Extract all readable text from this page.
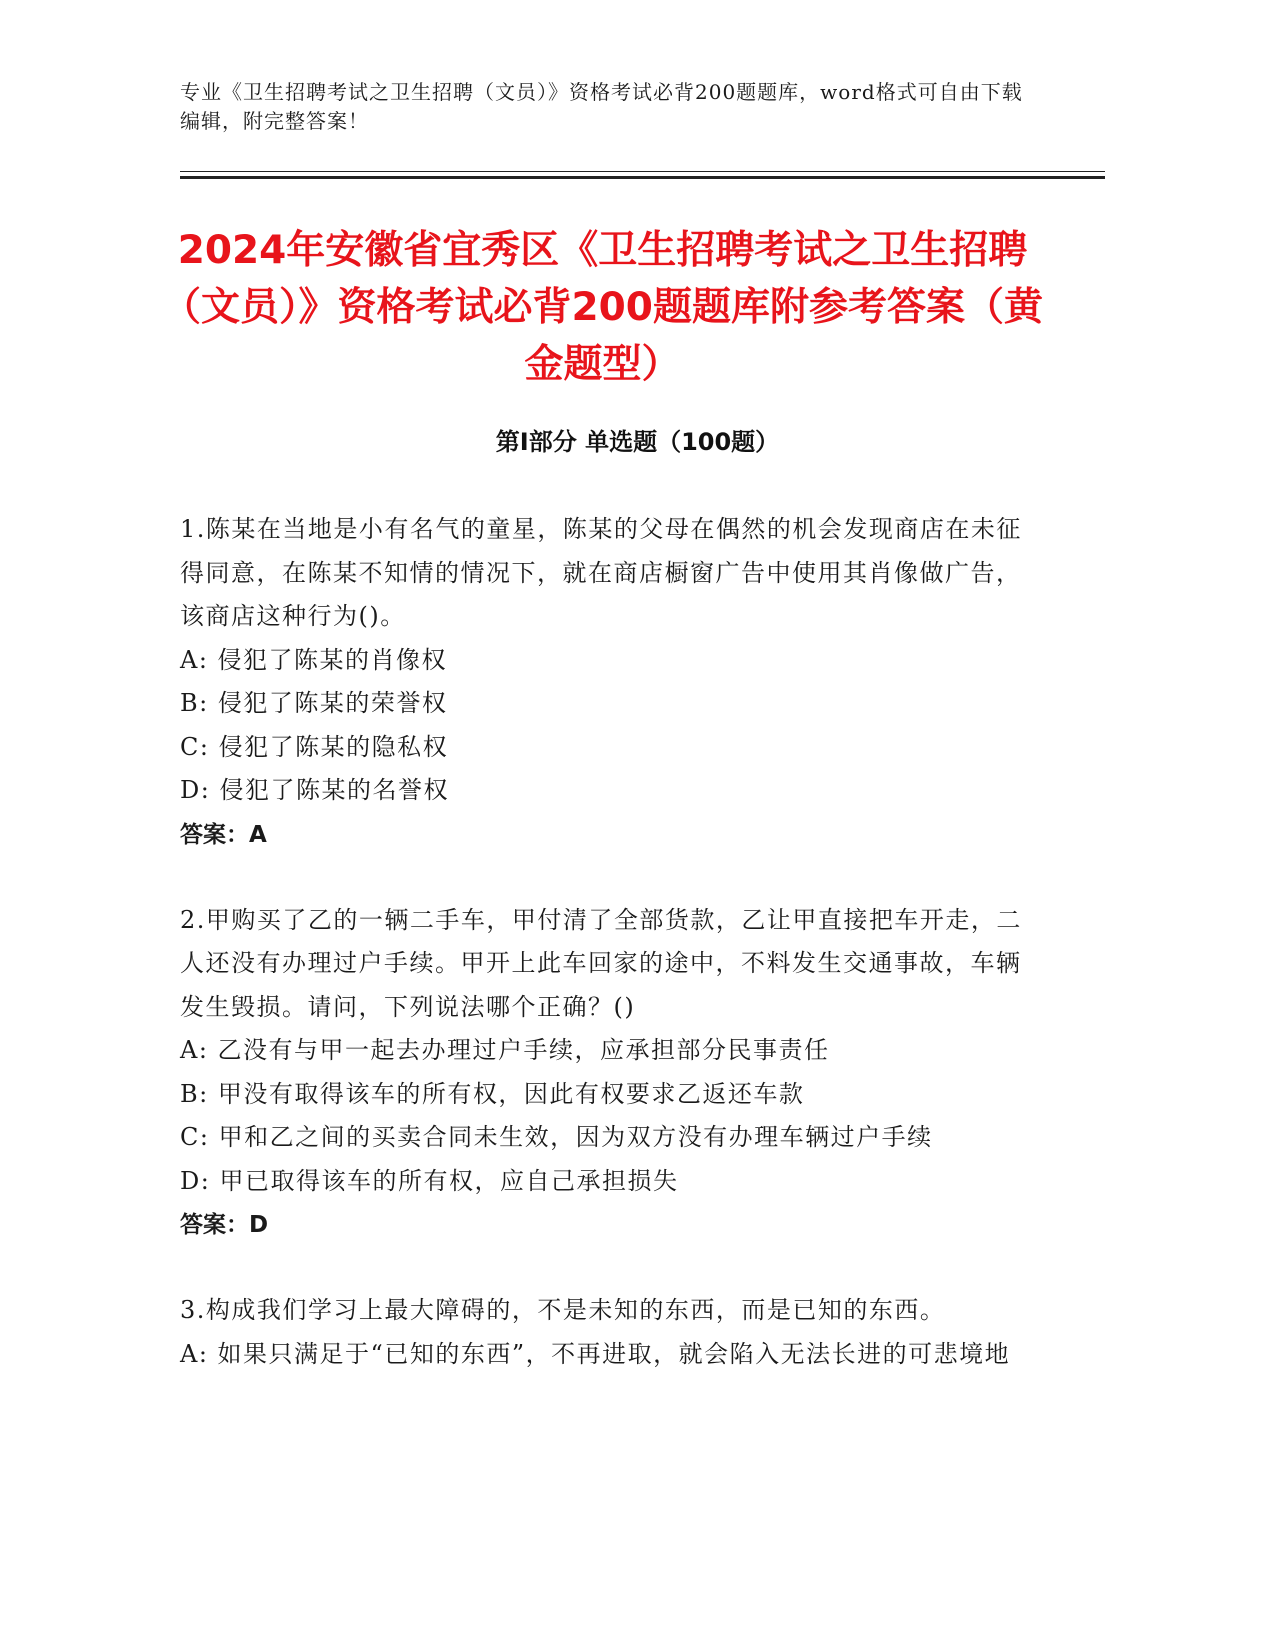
专业《卫生招聘考试之卫生招聘（文员）》资格考试必背200题题库，word格式可自由下载编辑，附完整答案！
2024年安徽省宜秀区《卫生招聘考试之卫生招聘（文员）》资格考试必背200题题库附参考答案（黄金题型）
第Ⅰ部分 单选题（100题）
1.陈某在当地是小有名气的童星，陈某的父母在偶然的机会发现商店在未征得同意，在陈某不知情的情况下，就在商店橱窗广告中使用其肖像做广告，该商店这种行为()。
A: 侵犯了陈某的肖像权
B: 侵犯了陈某的荣誉权
C: 侵犯了陈某的隐私权
D: 侵犯了陈某的名誉权
答案：A
2.甲购买了乙的一辆二手车，甲付清了全部货款，乙让甲直接把车开走，二人还没有办理过户手续。甲开上此车回家的途中，不料发生交通事故，车辆发生毁损。请问，下列说法哪个正确？()
A: 乙没有与甲一起去办理过户手续，应承担部分民事责任
B: 甲没有取得该车的所有权，因此有权要求乙返还车款
C: 甲和乙之间的买卖合同未生效，因为双方没有办理车辆过户手续
D: 甲已取得该车的所有权，应自己承担损失
答案：D
3.构成我们学习上最大障碍的，不是未知的东西，而是已知的东西。
A: 如果只满足于“已知的东西”，不再进取，就会陷入无法长进的可悲境地
